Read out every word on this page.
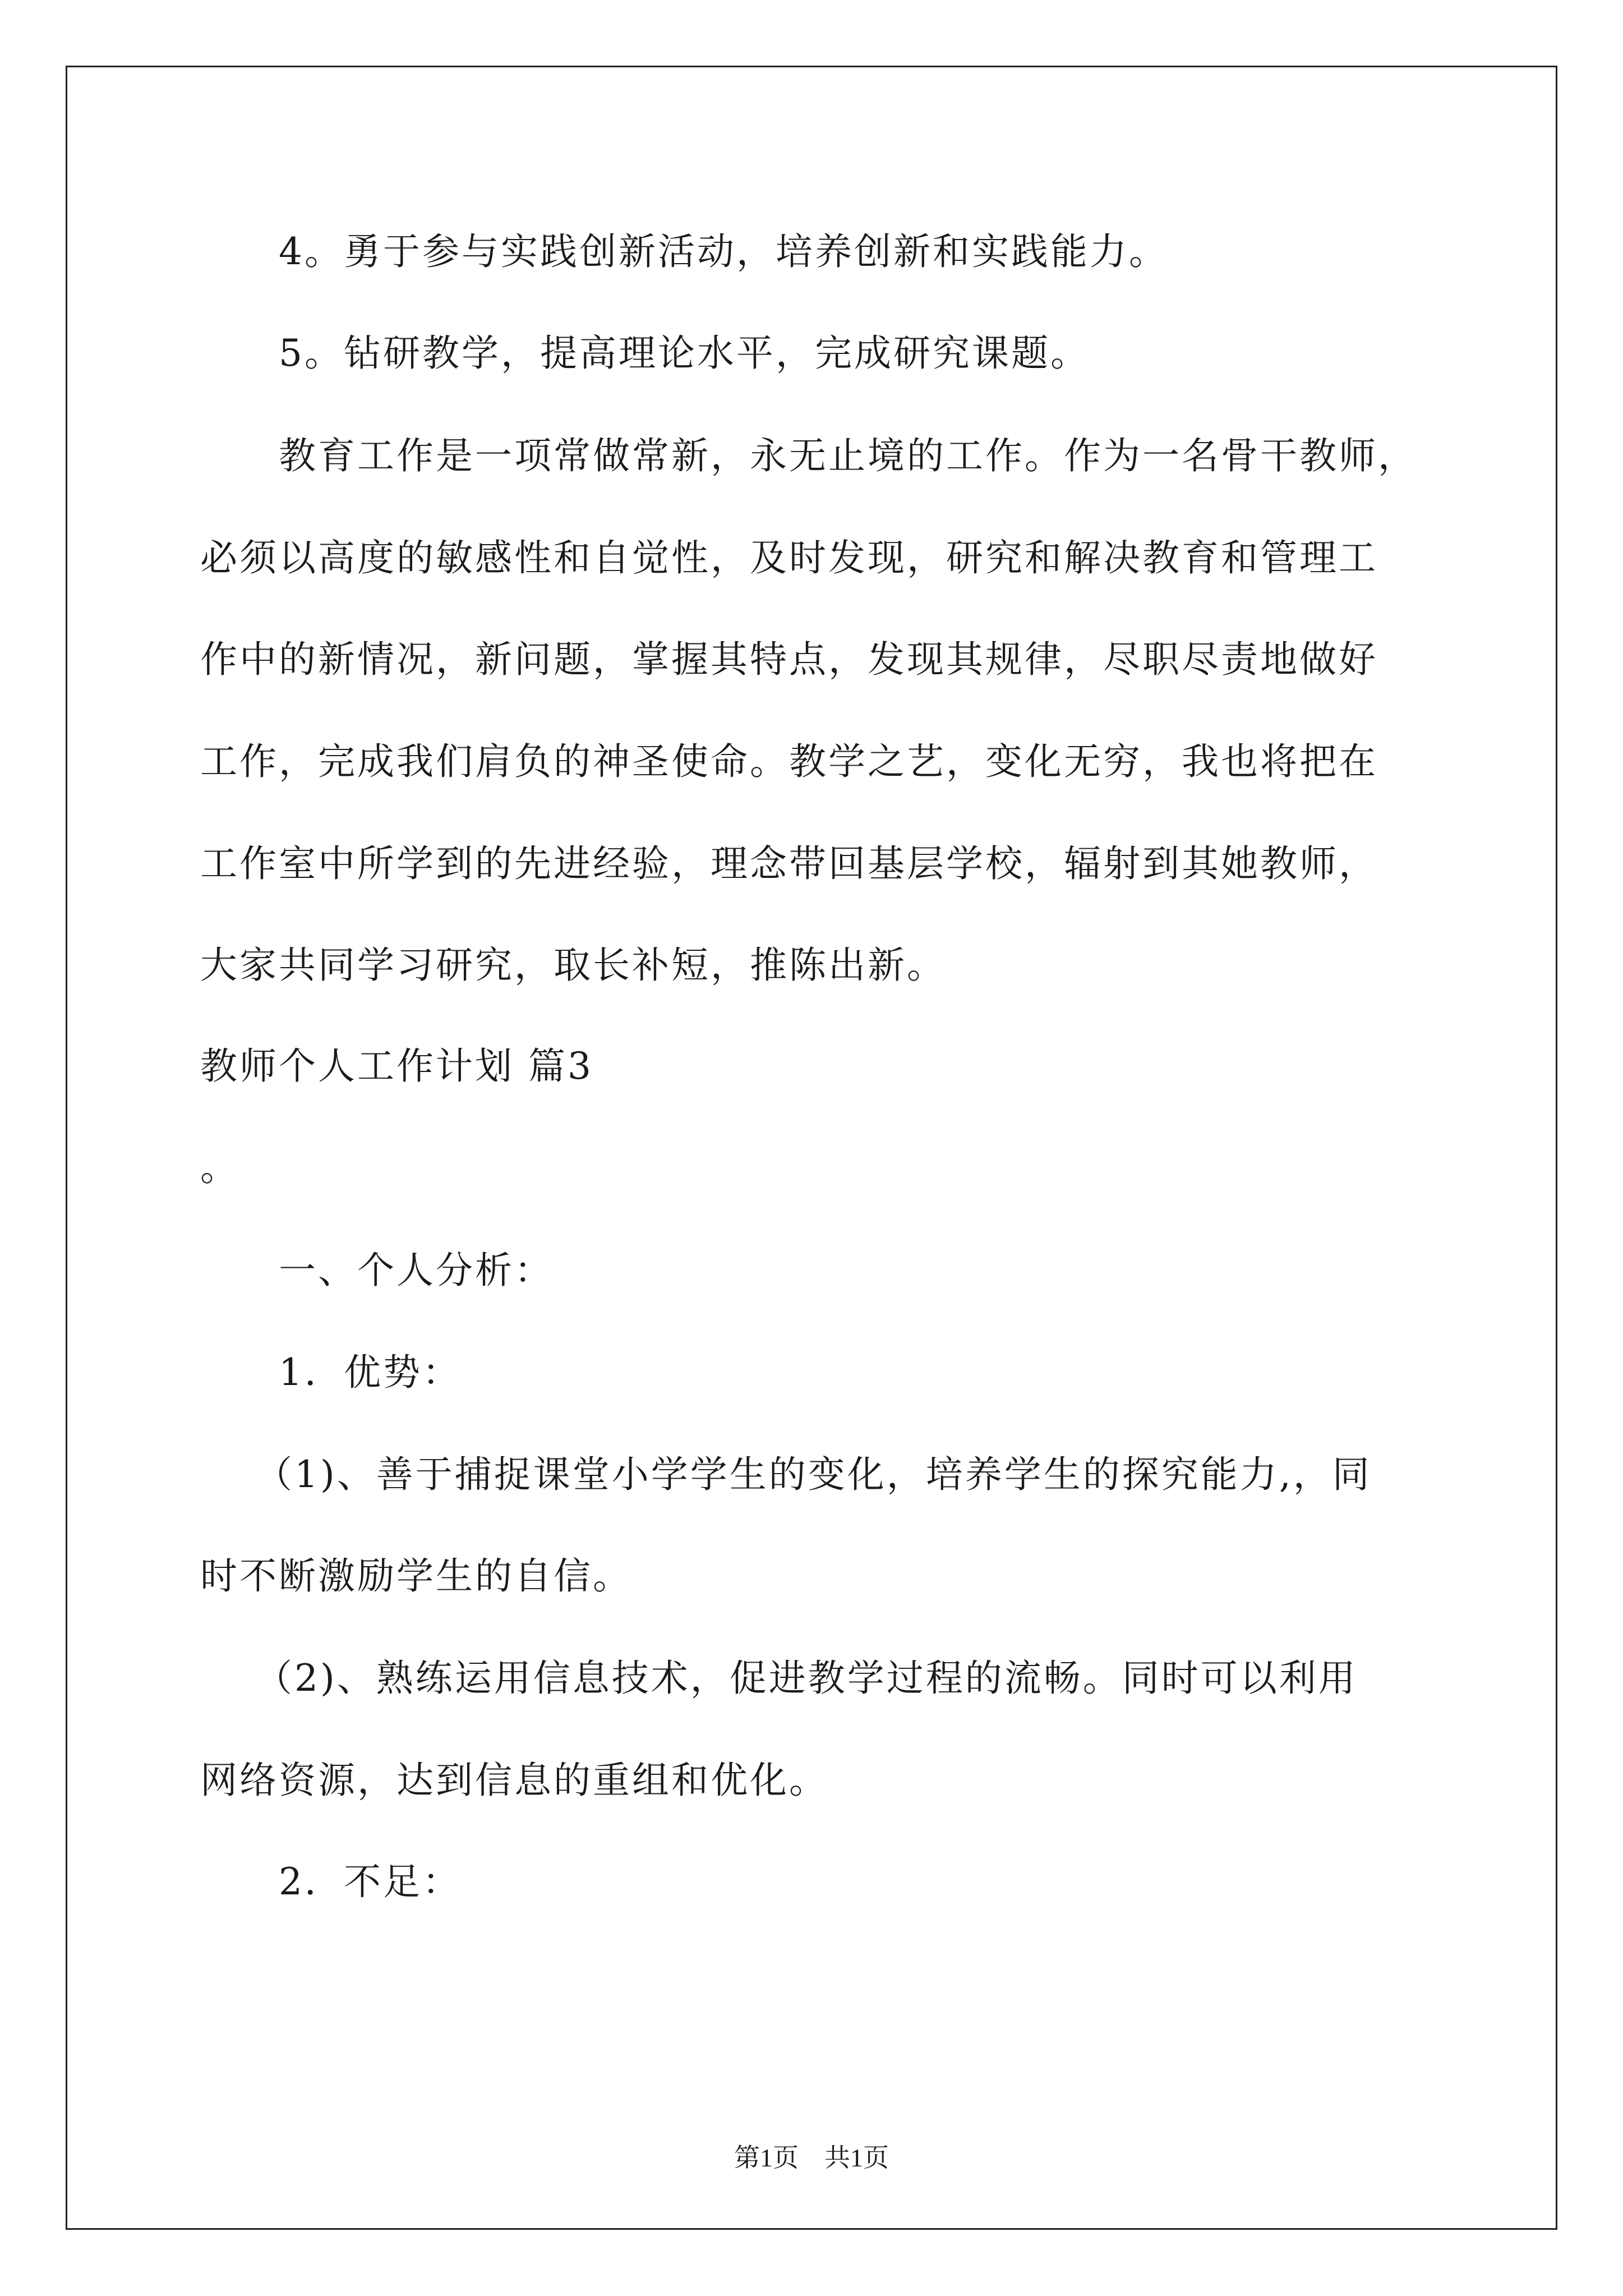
4。勇于参与实践创新活动，培养创新和实践能力。
5。钻研教学，提高理论水平，完成研究课题。
教育工作是一项常做常新，永无止境的工作。作为一名骨干教师，
必须以高度的敏感性和自觉性，及时发现，研究和解决教育和管理工
作中的新情况，新问题，掌握其特点，发现其规律，尽职尽责地做好
工作，完成我们肩负的神圣使命。教学之艺，变化无穷，我也将把在
工作室中所学到的先进经验，理念带回基层学校，辐射到其她教师，
大家共同学习研究，取长补短，推陈出新。
教师个人工作计划 篇3
。
一、个人分析：
1．优势：
（1)、善于捕捉课堂小学学生的变化，培养学生的探究能力,，同
时不断激励学生的自信。
（2)、熟练运用信息技术，促进教学过程的流畅。同时可以利用
网络资源，达到信息的重组和优化。
2．不足：
第1页　共1页
